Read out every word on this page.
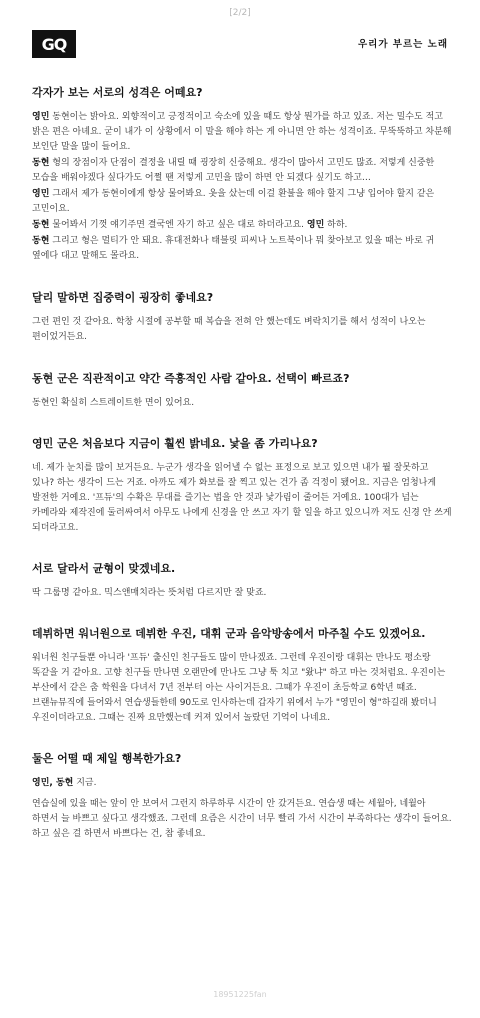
[2/2]
GQ	우리가 부르는 노래
각자가 보는 서로의 성격은 어떼요?

영민 동현이는 밝아요. 외향적이고 긍정적이고 숙소에 있을 때도 항상 뭔가를 하고 있죠. 저는 밀수도 적고 밝은 편은 아녜요. 굳이 내가 이 상황에서 이 말을 해야 하는 게 아니면 안 하는 성격이죠. 무뚝뚝하고 차분해 보인단 말을 많이 들어요.

동현 형의 장점이자 단점이 결정을 내릴 때 굉장히 신중해요. 생각이 많아서 고민도 많죠. 저렇게 신중한 모습을 배워야겠다 싶다가도 어쩔 땐 저렇게 고민을 많이 하면 안 되겠다 싶기도 하고…

영민 그래서 제가 동현이에게 항상 물어봐요. 옷을 샀는데 이걸 환불을 해야 할지 그냥 입어야 할지 같은 고민이요.

동현 물어봐서 기껏 얘기주면 결국엔 자기 하고 싶은 대로 하더라고요. 영민 하하.

동현 그리고 형은 멀티가 안 돼요. 휴대전화나 태블릿 피씨나 노트북이나 뭐 찾아보고 있을 때는 바로 귀 옆에다 대고 말해도 몰라요.

달리 말하면 집중력이 굉장히 좋네요?

그런 편인 것 같아요. 학창 시절에 공부할 때 복습을 전혀 안 했는데도 벼락치기를 해서 성적이 나오는 편이었거든요.

동현 군은 직관적이고 약간 즉흥적인 사람 같아요. 선택이 빠르죠?

동현인 확실히 스트레이트한 면이 있어요.

영민 군은 처음보다 지금이 훨씬 밝네요. 낯을 좀 가리나요?

네. 제가 눈치를 많이 보거든요. 누군가 생각을 읽어낼 수 없는 표정으로 보고 있으면 내가 뭘 잘못하고 있나? 하는 생각이 드는 거죠. 아까도 제가 화보를 잘 찍고 있는 건가 좀 걱정이 됐어요. 지금은 엄청나게 발전한 거예요. '프듀'의 수확은 무대를 즐기는 법을 안 것과 낯가림이 줄어든 거예요. 100대가 넘는 카메라와 제작진에 둘러싸여서 아무도 나에게 신경을 안 쓰고 자기 할 일을 하고 있으니까 저도 신경 안 쓰게 되더라고요.

서로 달라서 균형이 맞겠네요.

딱 그룹명 같아요. 믹스앤매치라는 뜻처럼 다르지만 잘 맞죠.

데뷔하면 워너원으로 데뷔한 우진, 대휘 군과 음악방송에서 마주칠 수도 있겠어요.

워너원 친구들뿐 아니라 '프듀' 출신인 친구들도 많이 만나겠죠. 그런데 우진이랑 대휘는 만나도 평소랑 똑같을 거 같아요. 고향 친구들 만나면 오랜만에 만나도 그냥 툭 치고 "왔냐" 하고 마는 것처럼요. 우진이는 부산에서 같은 춤 학원을 다녀서 7년 전부터 아는 사이거든요. 그때가 우진이 초등학교 6학년 때죠. 브랜뉴뮤직에 들어와서 연습생들한테 90도로 인사하는데 갑자기 위에서 누가 "영민이 형"하길래 봤더니 우진이더라고요. 그때는 진짜 요만했는데 커져 있어서 놀랐던 기억이 나네요.

둘은 어떨 때 제일 행복한가요?

영민, 동현 지금.

연습실에 있을 때는 앞이 안 보여서 그런지 하루하루 시간이 안 갔거든요. 연습생 때는 세월아, 네월아 하면서 늘 바쁘고 싶다고 생각했죠. 그런데 요즘은 시간이 너무 빨리 가서 시간이 부족하다는 생각이 들어요. 하고 싶은 걸 하면서 바쁘다는 건, 참 좋네요.

18951225fan
